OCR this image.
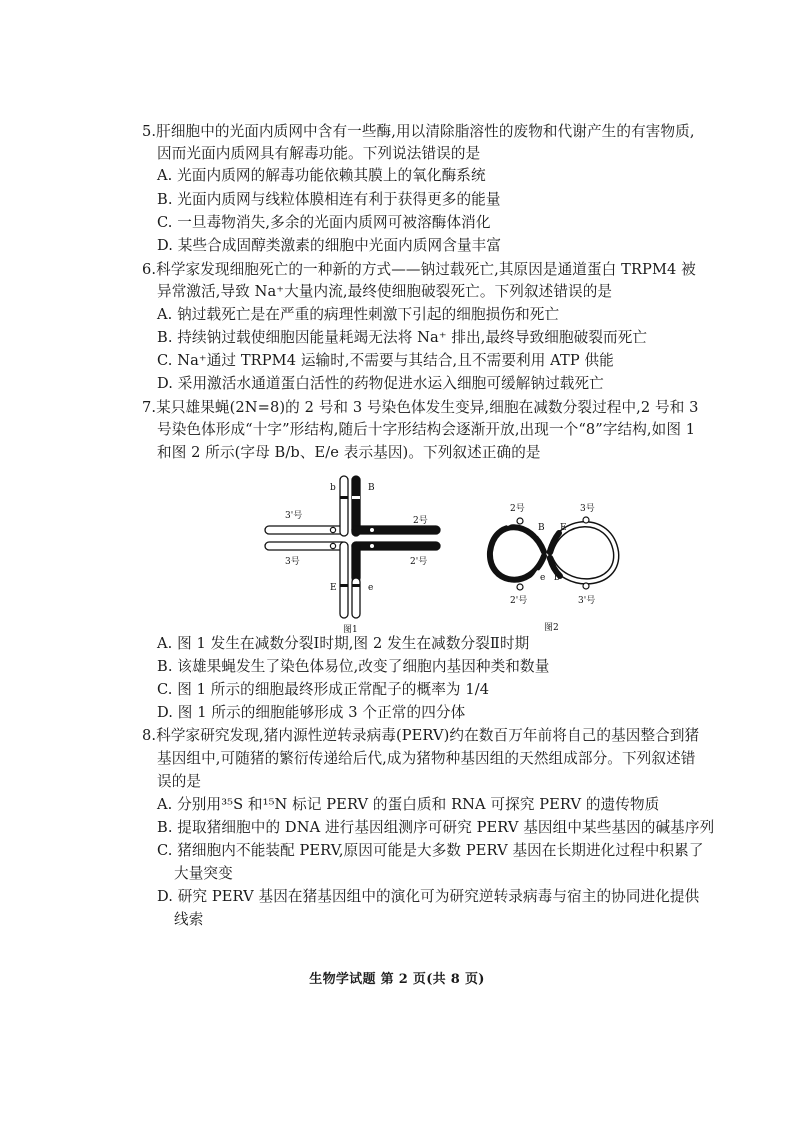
5.肝细胞中的光面内质网中含有一些酶,用以清除脂溶性的废物和代谢产生的有害物质,
因而光面内质网具有解毒功能。下列说法错误的是
A. 光面内质网的解毒功能依赖其膜上的氧化酶系统
B. 光面内质网与线粒体膜相连有利于获得更多的能量
C. 一旦毒物消失,多余的光面内质网可被溶酶体消化
D. 某些合成固醇类激素的细胞中光面内质网含量丰富
6.科学家发现细胞死亡的一种新的方式——钠过载死亡,其原因是通道蛋白 TRPM4 被
异常激活,导致 Na⁺大量内流,最终使细胞破裂死亡。下列叙述错误的是
A. 钠过载死亡是在严重的病理性刺激下引起的细胞损伤和死亡
B. 持续钠过载使细胞因能量耗竭无法将 Na⁺ 排出,最终导致细胞破裂而死亡
C. Na⁺通过 TRPM4 运输时,不需要与其结合,且不需要利用 ATP 供能
D. 采用激活水通道蛋白活性的药物促进水运入细胞可缓解钠过载死亡
7.某只雄果蝇(2N=8)的 2 号和 3 号染色体发生变异,细胞在减数分裂过程中,2 号和 3
号染色体形成“十字”形结构,随后十字形结构会逐渐开放,出现一个“8”字结构,如图 1
和图 2 所示(字母 B/b、E/e 表示基因)。下列叙述正确的是
b	B
3'号	2号
3号	2'号
E	e
图1
2号	3号
B E
e b
2'号	3'号
图2
A. 图 1 发生在减数分裂Ⅰ时期,图 2 发生在减数分裂Ⅱ时期
B. 该雄果蝇发生了染色体易位,改变了细胞内基因种类和数量
C. 图 1 所示的细胞最终形成正常配子的概率为 1/4
D. 图 1 所示的细胞能够形成 3 个正常的四分体
8.科学家研究发现,猪内源性逆转录病毒(PERV)约在数百万年前将自己的基因整合到猪
基因组中,可随猪的繁衍传递给后代,成为猪物种基因组的天然组成部分。下列叙述错
误的是
A. 分别用³⁵S 和¹⁵N 标记 PERV 的蛋白质和 RNA 可探究 PERV 的遗传物质
B. 提取猪细胞中的 DNA 进行基因组测序可研究 PERV 基因组中某些基因的碱基序列
C. 猪细胞内不能装配 PERV,原因可能是大多数 PERV 基因在长期进化过程中积累了
大量突变
D. 研究 PERV 基因在猪基因组中的演化可为研究逆转录病毒与宿主的协同进化提供
线索
生物学试题 第 2 页(共 8 页)
